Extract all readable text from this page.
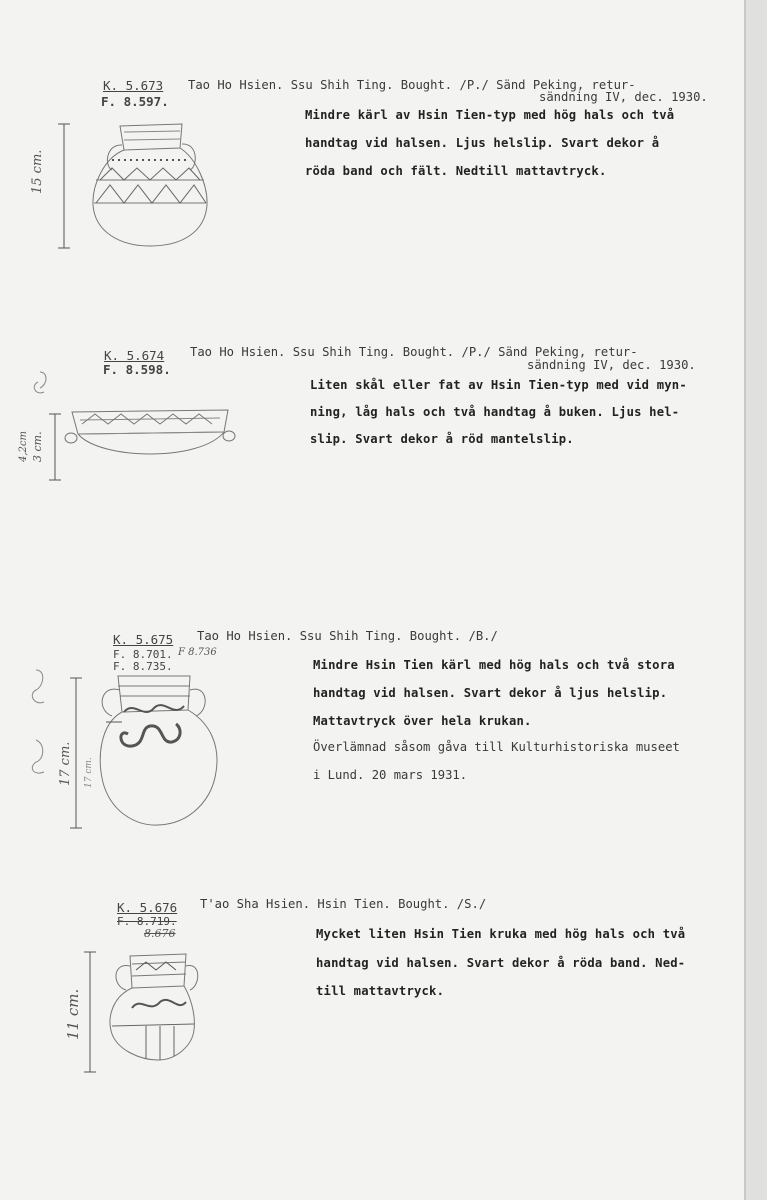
K. 5.673
F. 8.597.
Tao Ho Hsien. Ssu Shih Ting. Bought. /P./ Sänd Peking, retur-
sändning IV, dec. 1930.
Mindre kärl av Hsin Tien-typ med hög hals och två
handtag vid halsen. Ljus helslip. Svart dekor å
röda band och fält. Nedtill mattavtryck.
15 cm.
K. 5.674
F. 8.598.
Tao Ho Hsien. Ssu Shih Ting. Bought. /P./ Sänd Peking, retur-
sändning IV, dec. 1930.
Liten skål eller fat av Hsin Tien-typ med vid myn-
ning, låg hals och två handtag å buken. Ljus hel-
slip. Svart dekor å röd mantelslip.
3 cm.
4,2cm
K. 5.675
F. 8.701. F 8.736
F. 8.735.
Tao Ho Hsien. Ssu Shih Ting. Bought. /B./
Mindre Hsin Tien kärl med hög hals och två stora
handtag vid halsen. Svart dekor å ljus helslip.
Mattavtryck över hela krukan.
Överlämnad såsom gåva till Kulturhistoriska museet
i Lund. 20 mars 1931.
17 cm. 17 cm.
K. 5.676
F. 8.719.
8.676
T'ao Sha Hsien. Hsin Tien. Bought. /S./
Mycket liten Hsin Tien kruka med hög hals och två
handtag vid halsen. Svart dekor å röda band. Ned-
till mattavtryck.
11 cm.
